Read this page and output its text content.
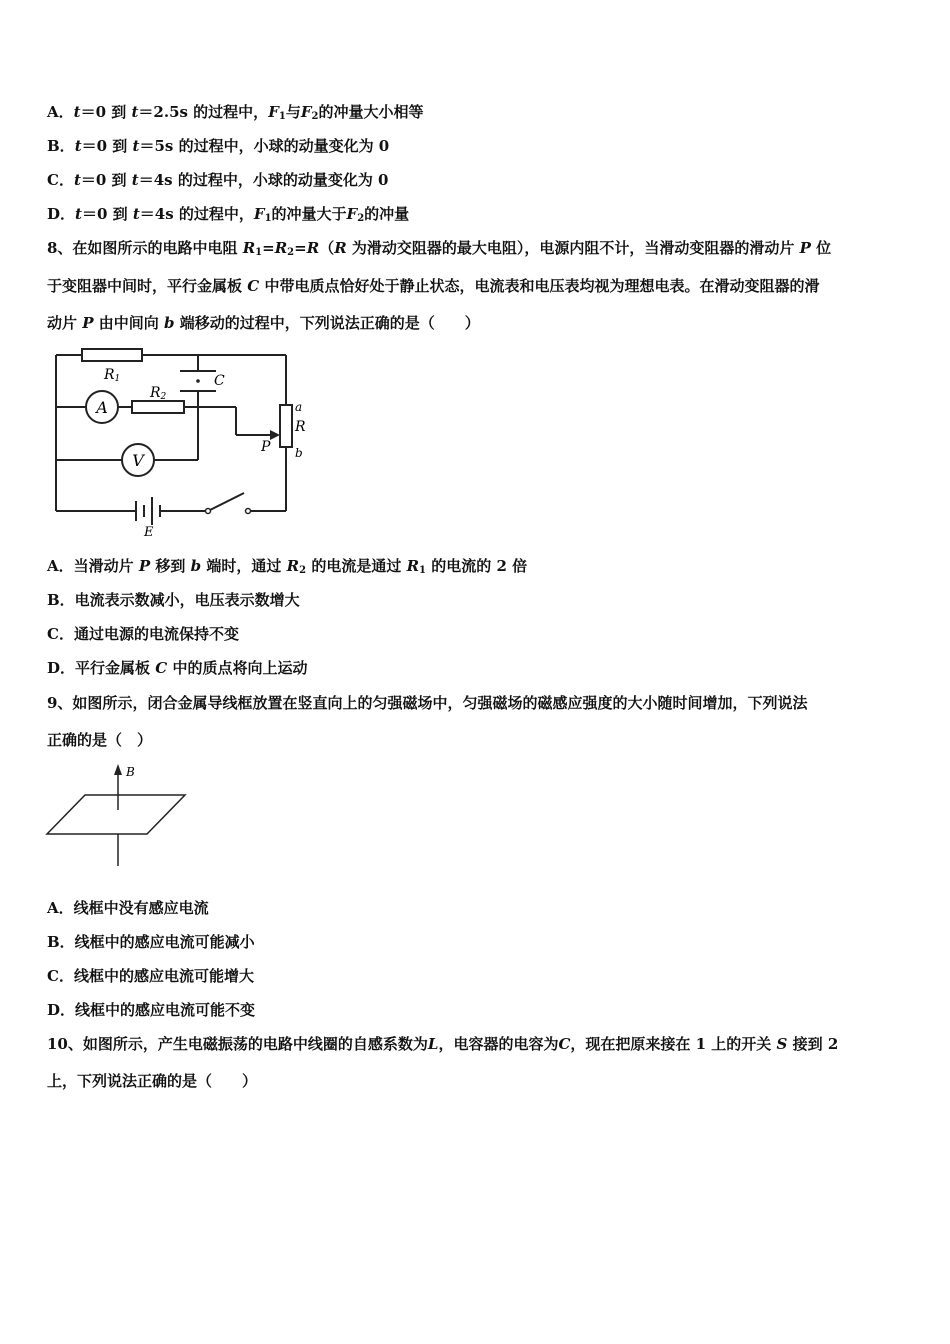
A．t＝0 到 t＝2.5s 的过程中，$F_1$与$F_2$的冲量大小相等
B．t＝0 到 t＝5s 的过程中，小球的动量变化为 0
C．t＝0 到 t＝4s 的过程中，小球的动量变化为 0
D．t＝0 到 t＝4s 的过程中，$F_1$的冲量大于$F_2$的冲量
8、在如图所示的电路中电阻 $R_1=R_2=R(R$ 为滑动交阻器的最大电阻），电源内阻不计，当滑动变阻器的滑动片 P 位
于变阻器中间时，平行金属板 C 中带电质点恰好处于静止状态，电流表和电压表均视为理想电表。在滑动变阻器的滑
动片 P 由中间向 b 端移动的过程中，下列说法正确的是（　　）
R1
R2
C
a
R
P b
E
A
V
A．当滑动片 P 移到 b 端时，通过 $R_2$ 的电流是通过 $R_1$ 的电流的 2 倍
B．电流表示数减小，电压表示数增大
C．通过电源的电流保持不变
D．平行金属板 C 中的质点将向上运动
9、如图所示，闭合金属导线框放置在竖直向上的匀强磁场中，匀强磁场的磁感应强度的大小随时间增加，下列说法
正确的是（　）
B
A．线框中没有感应电流
B．线框中的感应电流可能减小
C．线框中的感应电流可能增大
D．线框中的感应电流可能不变
10、如图所示，产生电磁振荡的电路中线圈的自感系数为L，电容器的电容为C，现在把原来接在 1 上的开关 S 接到 2
上，下列说法正确的是（　　）
